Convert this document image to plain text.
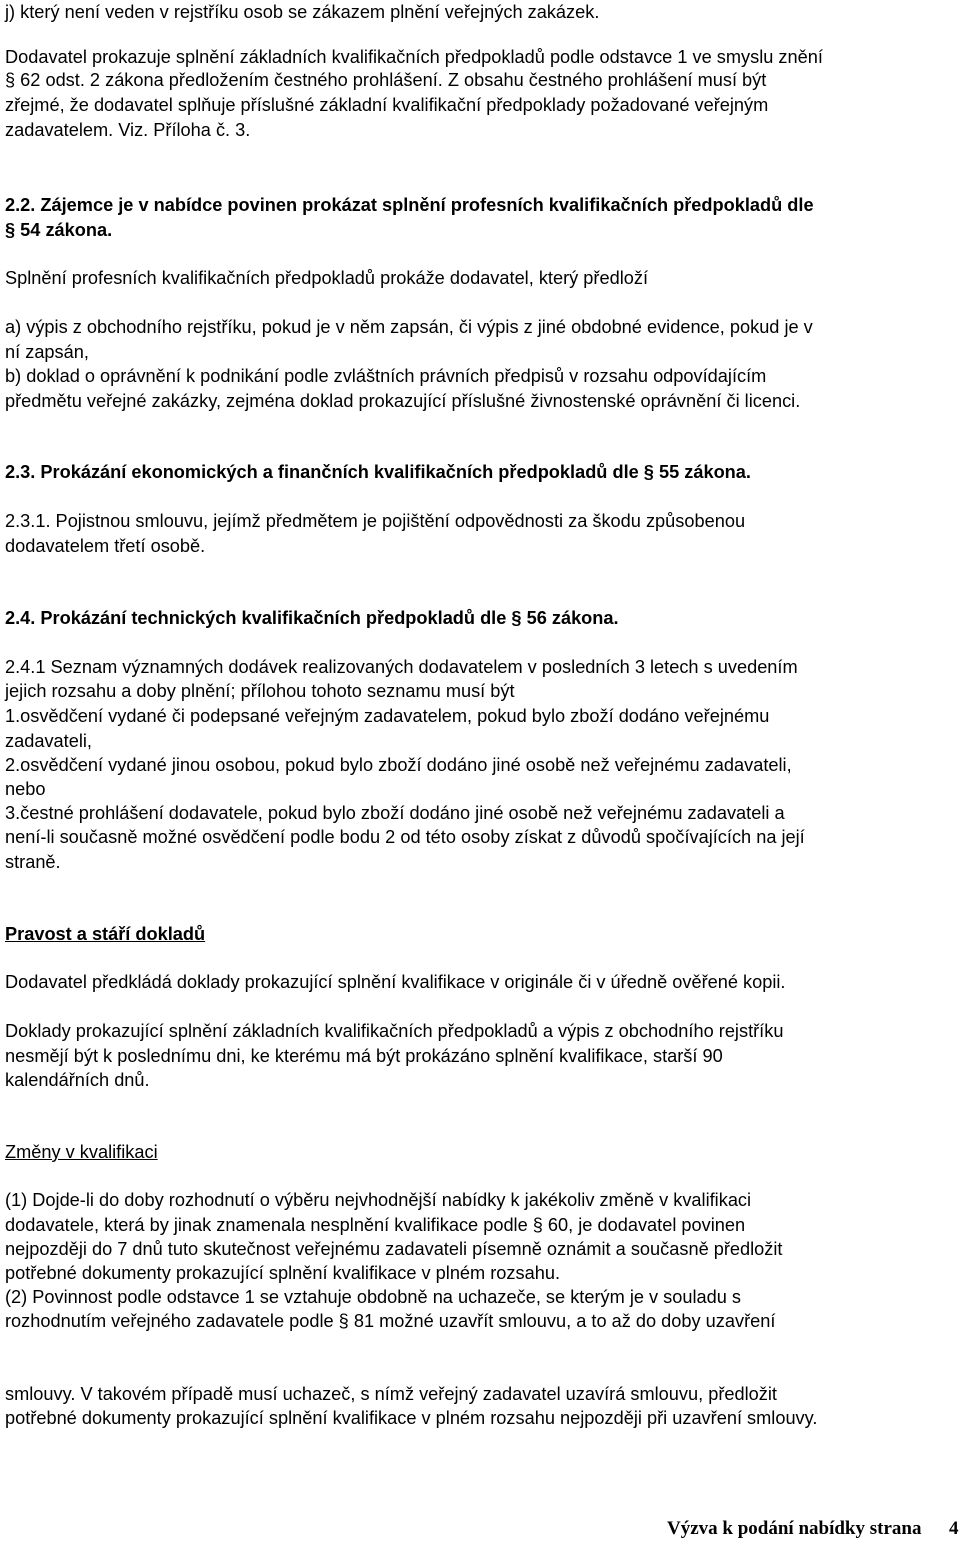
j) který není veden v rejstříku osob se zákazem plnění veřejných zakázek.
Dodavatel prokazuje splnění základních kvalifikačních předpokladů podle odstavce 1 ve smyslu znění
§ 62 odst. 2 zákona předložením čestného prohlášení. Z obsahu čestného prohlášení musí být
zřejmé, že dodavatel splňuje příslušné základní kvalifikační předpoklady požadované veřejným
zadavatelem. Viz. Příloha č. 3.
2.2. Zájemce je v nabídce povinen prokázat splnění profesních kvalifikačních předpokladů dle
§ 54 zákona.
Splnění profesních kvalifikačních předpokladů prokáže dodavatel, který předloží
a) výpis z obchodního rejstříku, pokud je v něm zapsán, či výpis z jiné obdobné evidence, pokud je v
ní zapsán,
b) doklad o oprávnění k podnikání podle zvláštních právních předpisů v rozsahu odpovídajícím
předmětu veřejné zakázky, zejména doklad prokazující příslušné živnostenské oprávnění či licenci.
2.3. Prokázání ekonomických a finančních kvalifikačních předpokladů dle § 55 zákona.
2.3.1. Pojistnou smlouvu, jejímž předmětem je pojištění odpovědnosti za škodu způsobenou
dodavatelem třetí osobě.
2.4. Prokázání technických kvalifikačních předpokladů dle § 56 zákona.
2.4.1 Seznam významných dodávek realizovaných dodavatelem v posledních 3 letech s uvedením
jejich rozsahu a doby plnění; přílohou tohoto seznamu musí být
1.osvědčení vydané či podepsané veřejným zadavatelem, pokud bylo zboží dodáno veřejnému
zadavateli,
2.osvědčení vydané jinou osobou, pokud bylo zboží dodáno jiné osobě než veřejnému zadavateli,
nebo
3.čestné prohlášení dodavatele, pokud bylo zboží dodáno jiné osobě než veřejnému zadavateli a
není-li současně možné osvědčení podle bodu 2 od této osoby získat z důvodů spočívajících na její
straně.
Pravost a stáří dokladů
Dodavatel předkládá doklady prokazující splnění kvalifikace v originále či v úředně ověřené kopii.
Doklady prokazující splnění základních kvalifikačních předpokladů a výpis z obchodního rejstříku
nesmějí být k poslednímu dni, ke kterému má být prokázáno splnění kvalifikace, starší 90
kalendářních dnů.
Změny v kvalifikaci
(1) Dojde-li do doby rozhodnutí o výběru nejvhodnější nabídky k jakékoliv změně v kvalifikaci
dodavatele, která by jinak znamenala nesplnění kvalifikace podle § 60, je dodavatel povinen
nejpozději do 7 dnů tuto skutečnost veřejnému zadavateli písemně oznámit a současně předložit
potřebné dokumenty prokazující splnění kvalifikace v plném rozsahu.
(2) Povinnost podle odstavce 1 se vztahuje obdobně na uchazeče, se kterým je v souladu s
rozhodnutím veřejného zadavatele podle § 81 možné uzavřít smlouvu, a to až do doby uzavření
smlouvy. V takovém případě musí uchazeč, s nímž veřejný zadavatel uzavírá smlouvu, předložit
potřebné dokumenty prokazující splnění kvalifikace v plném rozsahu nejpozději při uzavření smlouvy.
Výzva k podání nabídky strana 4
